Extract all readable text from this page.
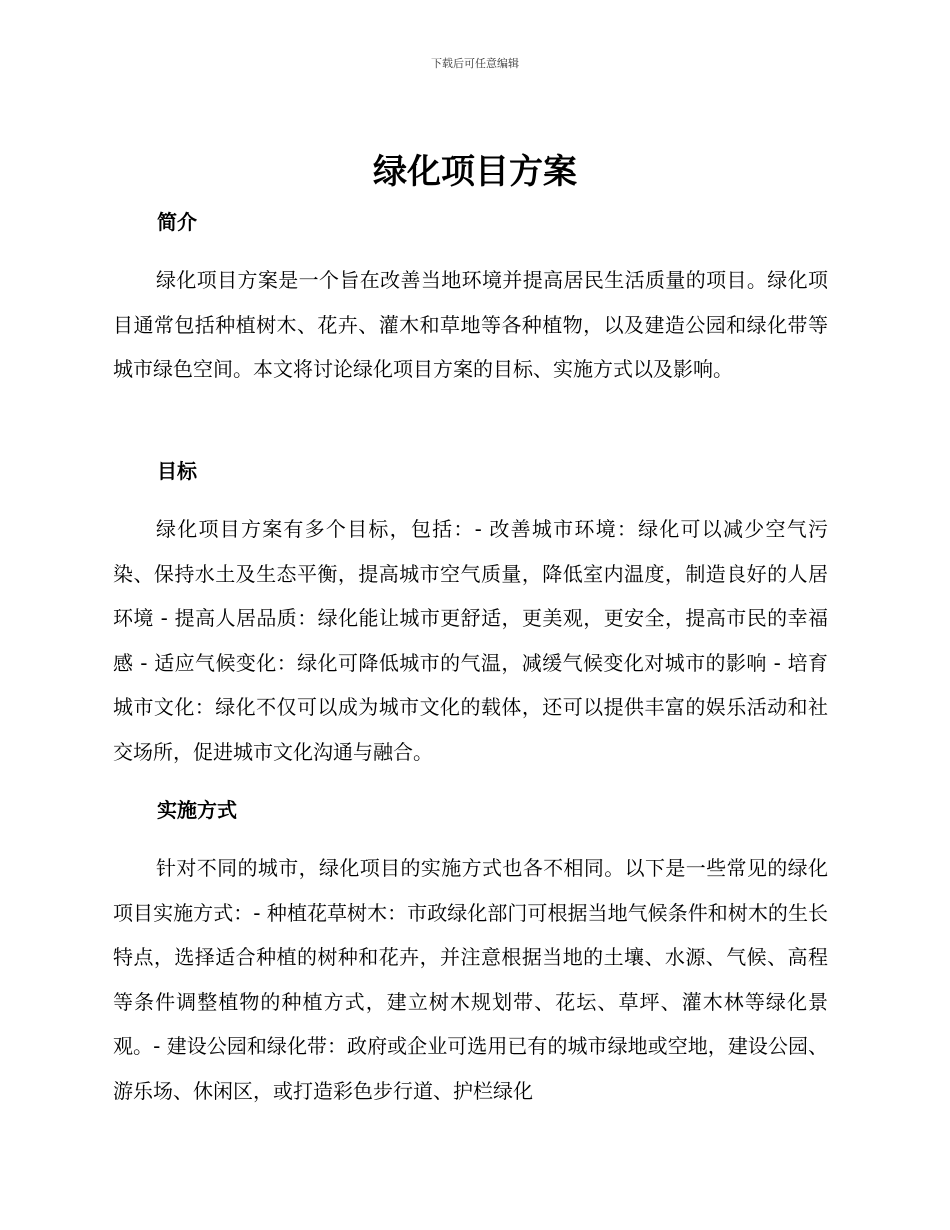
下载后可任意编辑
绿化项目方案
简介

绿化项目方案是一个旨在改善当地环境并提高居民生活质量的项目。绿化项目通常包括种植树木、花卉、灌木和草地等各种植物，以及建造公园和绿化带等城市绿色空间。本文将讨论绿化项目方案的目标、实施方式以及影响。

目标

绿化项目方案有多个目标，包括：- 改善城市环境：绿化可以减少空气污染、保持水土及生态平衡，提高城市空气质量，降低室内温度，制造良好的人居环境 - 提高人居品质：绿化能让城市更舒适，更美观，更安全，提高市民的幸福感 - 适应气候变化：绿化可降低城市的气温，减缓气候变化对城市的影响 - 培育城市文化：绿化不仅可以成为城市文化的载体，还可以提供丰富的娱乐活动和社交场所，促进城市文化沟通与融合。

实施方式

针对不同的城市，绿化项目的实施方式也各不相同。以下是一些常见的绿化项目实施方式：- 种植花草树木：市政绿化部门可根据当地气候条件和树木的生长特点，选择适合种植的树种和花卉，并注意根据当地的土壤、水源、气候、高程等条件调整植物的种植方式，建立树木规划带、花坛、草坪、灌木林等绿化景观。- 建设公园和绿化带：政府或企业可选用已有的城市绿地或空地，建设公园、游乐场、休闲区，或打造彩色步行道、护栏绿化
